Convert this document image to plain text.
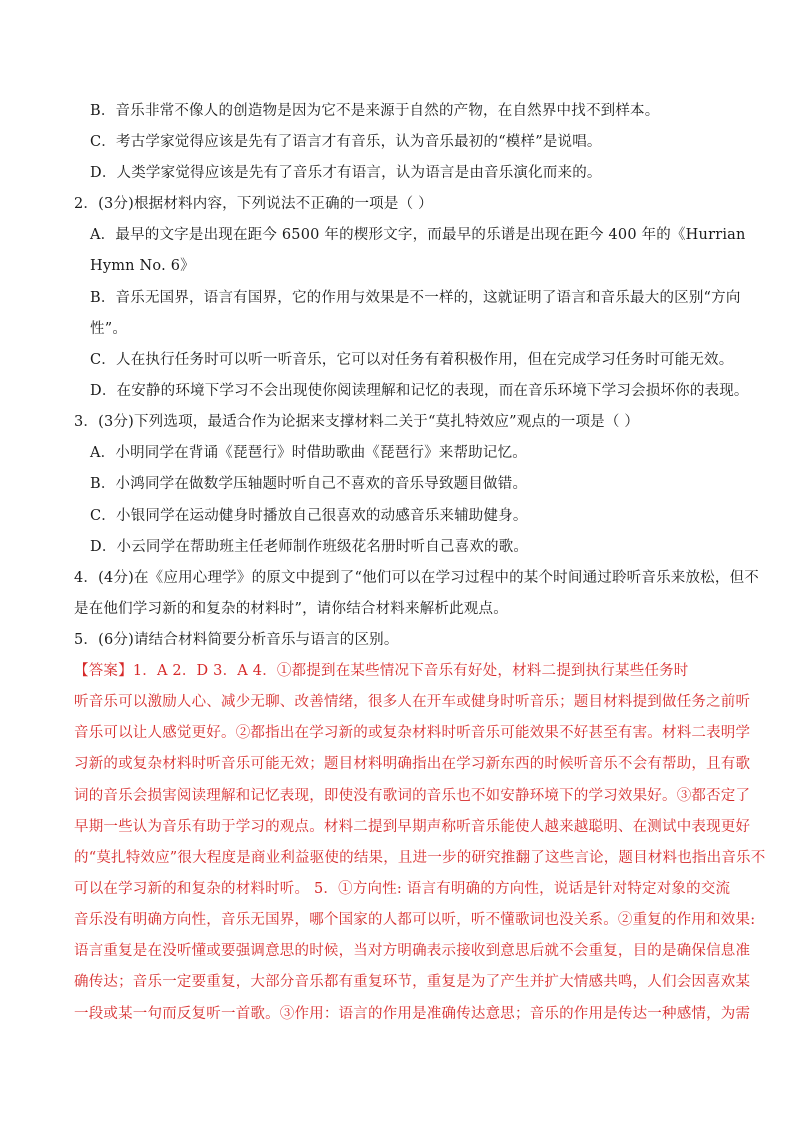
B．音乐非常不像人的创造物是因为它不是来源于自然的产物，在自然界中找不到样本。
C．考古学家觉得应该是先有了语言才有音乐，认为音乐最初的“模样”是说唱。
D．人类学家觉得应该是先有了音乐才有语言，认为语言是由音乐演化而来的。
2．(3分)根据材料内容，下列说法不正确的一项是（ ）
A．最早的文字是出现在距今 6500 年的楔形文字，而最早的乐谱是出现在距今 400 年的《Hurrian
Hymn No. 6》
B．音乐无国界，语言有国界，它的作用与效果是不一样的，这就证明了语言和音乐最大的区别“方向
性”。
C．人在执行任务时可以听一听音乐，它可以对任务有着积极作用，但在完成学习任务时可能无效。
D．在安静的环境下学习不会出现使你阅读理解和记忆的表现，而在音乐环境下学习会损坏你的表现。
3．(3分)下列选项，最适合作为论据来支撑材料二关于“莫扎特效应”观点的一项是（ ）
A．小明同学在背诵《琵琶行》时借助歌曲《琵琶行》来帮助记忆。
B．小鸿同学在做数学压轴题时听自己不喜欢的音乐导致题目做错。
C．小银同学在运动健身时播放自己很喜欢的动感音乐来辅助健身。
D．小云同学在帮助班主任老师制作班级花名册时听自己喜欢的歌。
4．(4分)在《应用心理学》的原文中提到了“他们可以在学习过程中的某个时间通过聆听音乐来放松，但不
是在他们学习新的和复杂的材料时”，请你结合材料来解析此观点。
5．(6分)请结合材料简要分析音乐与语言的区别。
【答案】1．A 2．D 3．A 4．①都提到在某些情况下音乐有好处，材料二提到执行某些任务时
听音乐可以激励人心、减少无聊、改善情绪，很多人在开车或健身时听音乐；题目材料提到做任务之前听
音乐可以让人感觉更好。②都指出在学习新的或复杂材料时听音乐可能效果不好甚至有害。材料二表明学
习新的或复杂材料时听音乐可能无效；题目材料明确指出在学习新东西的时候听音乐不会有帮助，且有歌
词的音乐会损害阅读理解和记忆表现，即使没有歌词的音乐也不如安静环境下的学习效果好。③都否定了
早期一些认为音乐有助于学习的观点。材料二提到早期声称听音乐能使人越来越聪明、在测试中表现更好
的“莫扎特效应”很大程度是商业利益驱使的结果，且进一步的研究推翻了这些言论，题目材料也指出音乐不
可以在学习新的和复杂的材料时听。 5．①方向性: 语言有明确的方向性，说话是针对特定对象的交流
音乐没有明确方向性，音乐无国界，哪个国家的人都可以听，听不懂歌词也没关系。②重复的作用和效果:
语言重复是在没听懂或要强调意思的时候，当对方明确表示接收到意思后就不会重复，目的是确保信息准
确传达；音乐一定要重复，大部分音乐都有重复环节，重复是为了产生并扩大情感共鸣，人们会因喜欢某
一段或某一句而反复听一首歌。③作用：语言的作用是准确传达意思；音乐的作用是传达一种感情，为需
